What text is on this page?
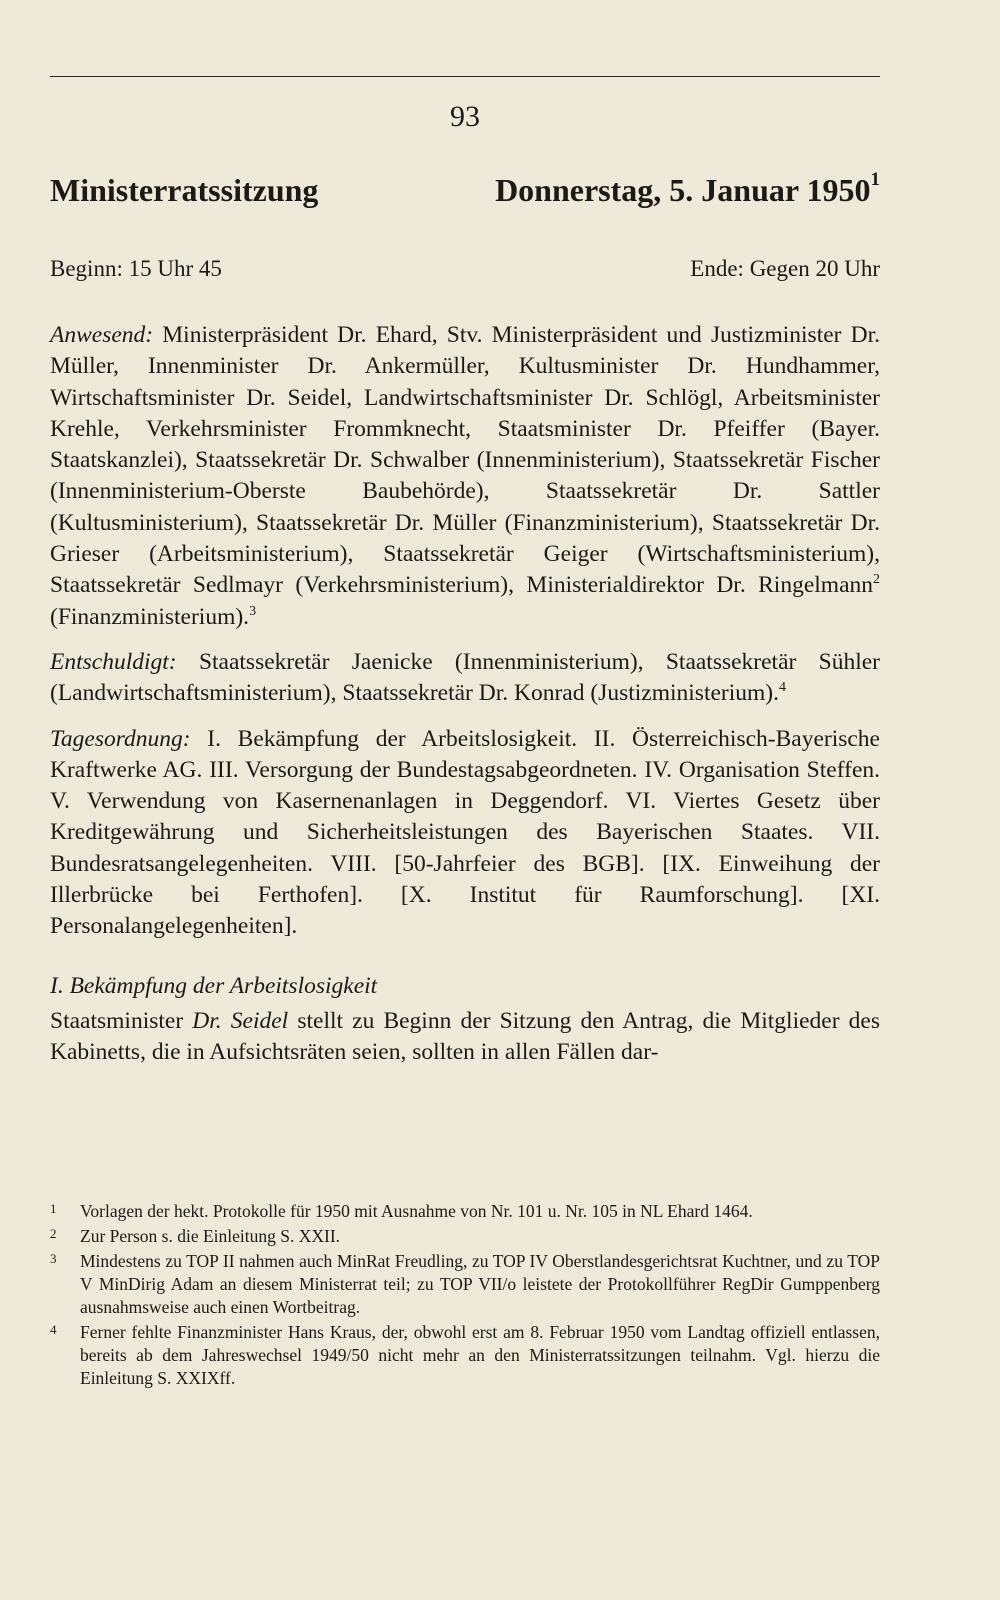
93
Ministerratssitzung	Donnerstag, 5. Januar 1950$^1$
Beginn: 15 Uhr 45	Ende: Gegen 20 Uhr

Anwesend: Ministerpräsident Dr. Ehard, Stv. Ministerpräsident und Justizminister Dr. Müller, Innenminister Dr. Ankermüller, Kultusminister Dr. Hundhammer, Wirtschaftsminister Dr. Seidel, Landwirtschaftsminister Dr. Schlögl, Arbeitsminister Krehle, Verkehrsminister Frommknecht, Staatsminister Dr. Pfeiffer (Bayer. Staatskanzlei), Staatssekretär Dr. Schwalber (Innenministerium), Staatssekretär Fischer (Innenministerium-Oberste Baubehörde), Staatssekretär Dr. Sattler (Kultusministerium), Staatssekretär Dr. Müller (Finanzministerium), Staatssekretär Dr. Grieser (Arbeitsministerium), Staatssekretär Geiger (Wirtschaftsministerium), Staatssekretär Sedlmayr (Verkehrsministerium), Ministerialdirektor Dr. Ringelmann$^2$ (Finanzministerium).$^3$

Entschuldigt: Staatssekretär Jaenicke (Innenministerium), Staatssekretär Sühler (Landwirtschaftsministerium), Staatssekretär Dr. Konrad (Justizministerium).$^4$

Tagesordnung: I. Bekämpfung der Arbeitslosigkeit. II. Österreichisch-Bayerische Kraftwerke AG. III. Versorgung der Bundestagsabgeordneten. IV. Organisation Steffen. V. Verwendung von Kasernenanlagen in Deggendorf. VI. Viertes Gesetz über Kreditgewährung und Sicherheitsleistungen des Bayerischen Staates. VII. Bundesratsangelegenheiten. VIII. [50-Jahrfeier des BGB]. [IX. Einweihung der Illerbrücke bei Ferthofen]. [X. Institut für Raumforschung]. [XI. Personalangelegenheiten].

I. Bekämpfung der Arbeitslosigkeit

Staatsminister Dr. Seidel stellt zu Beginn der Sitzung den Antrag, die Mitglieder des Kabinetts, die in Aufsichtsräten seien, sollten in allen Fällen dar-

1	Vorlagen der hekt. Protokolle für 1950 mit Ausnahme von Nr. 101 u. Nr. 105 in NL Ehard 1464.
2	Zur Person s. die Einleitung S. XXII.
3	Mindestens zu TOP II nahmen auch MinRat Freudling, zu TOP IV Oberstlandesgerichtsrat Kuchtner, und zu TOP V MinDirig Adam an diesem Ministerrat teil; zu TOP VII/o leistete der Protokollführer RegDir Gumppenberg ausnahmsweise auch einen Wortbeitrag.
4	Ferner fehlte Finanzminister Hans Kraus, der, obwohl erst am 8. Februar 1950 vom Landtag offiziell entlassen, bereits ab dem Jahreswechsel 1949/50 nicht mehr an den Ministerratssitzungen teilnahm. Vgl. hierzu die Einleitung S. XXIXff.
